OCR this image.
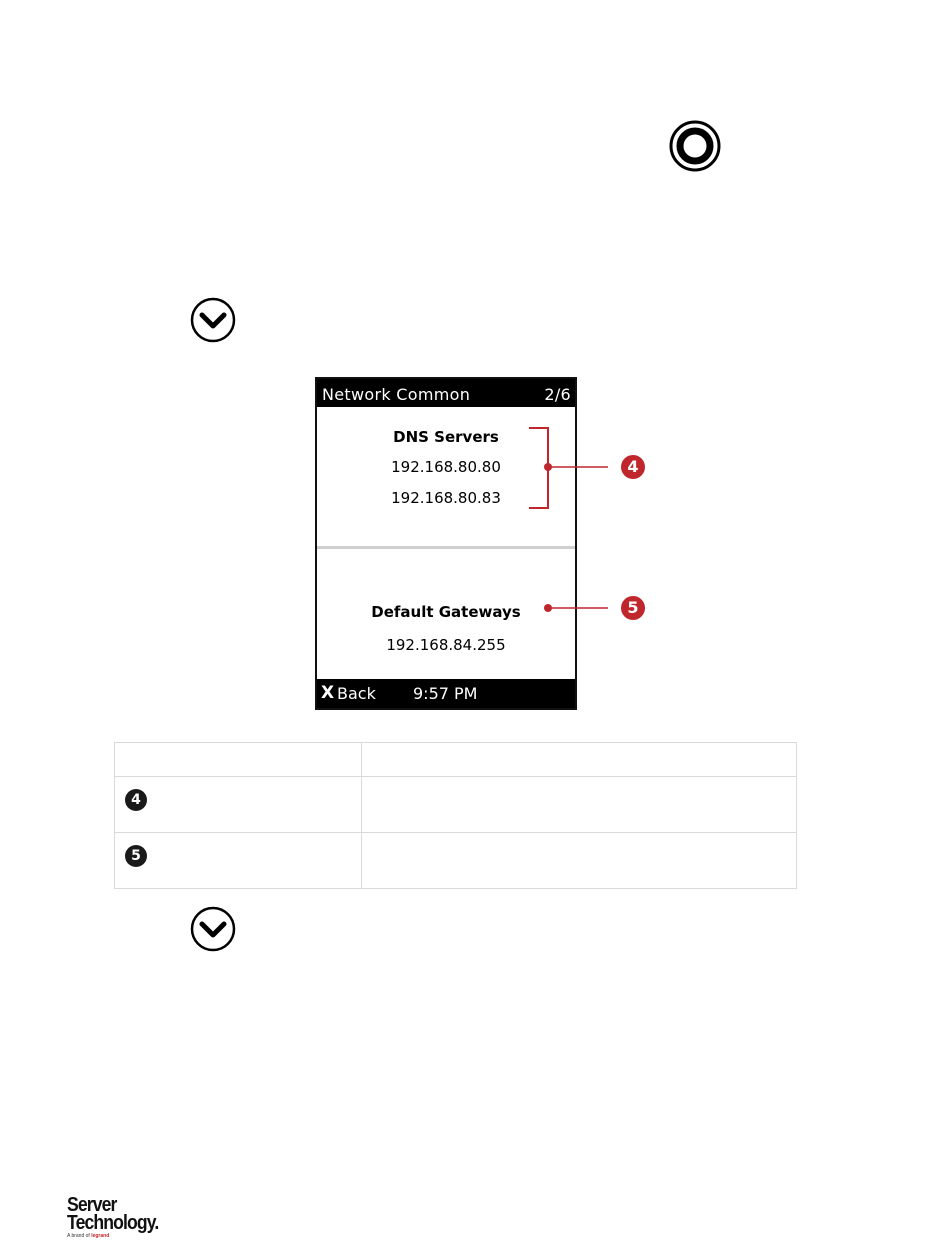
Network Common	2/6
DNS Servers
192.168.80.80
192.168.80.83
Default Gateways
192.168.84.255
X Back 9:57 PM
4
5

4	

5	

Server
Technology.
A brand of legrand
